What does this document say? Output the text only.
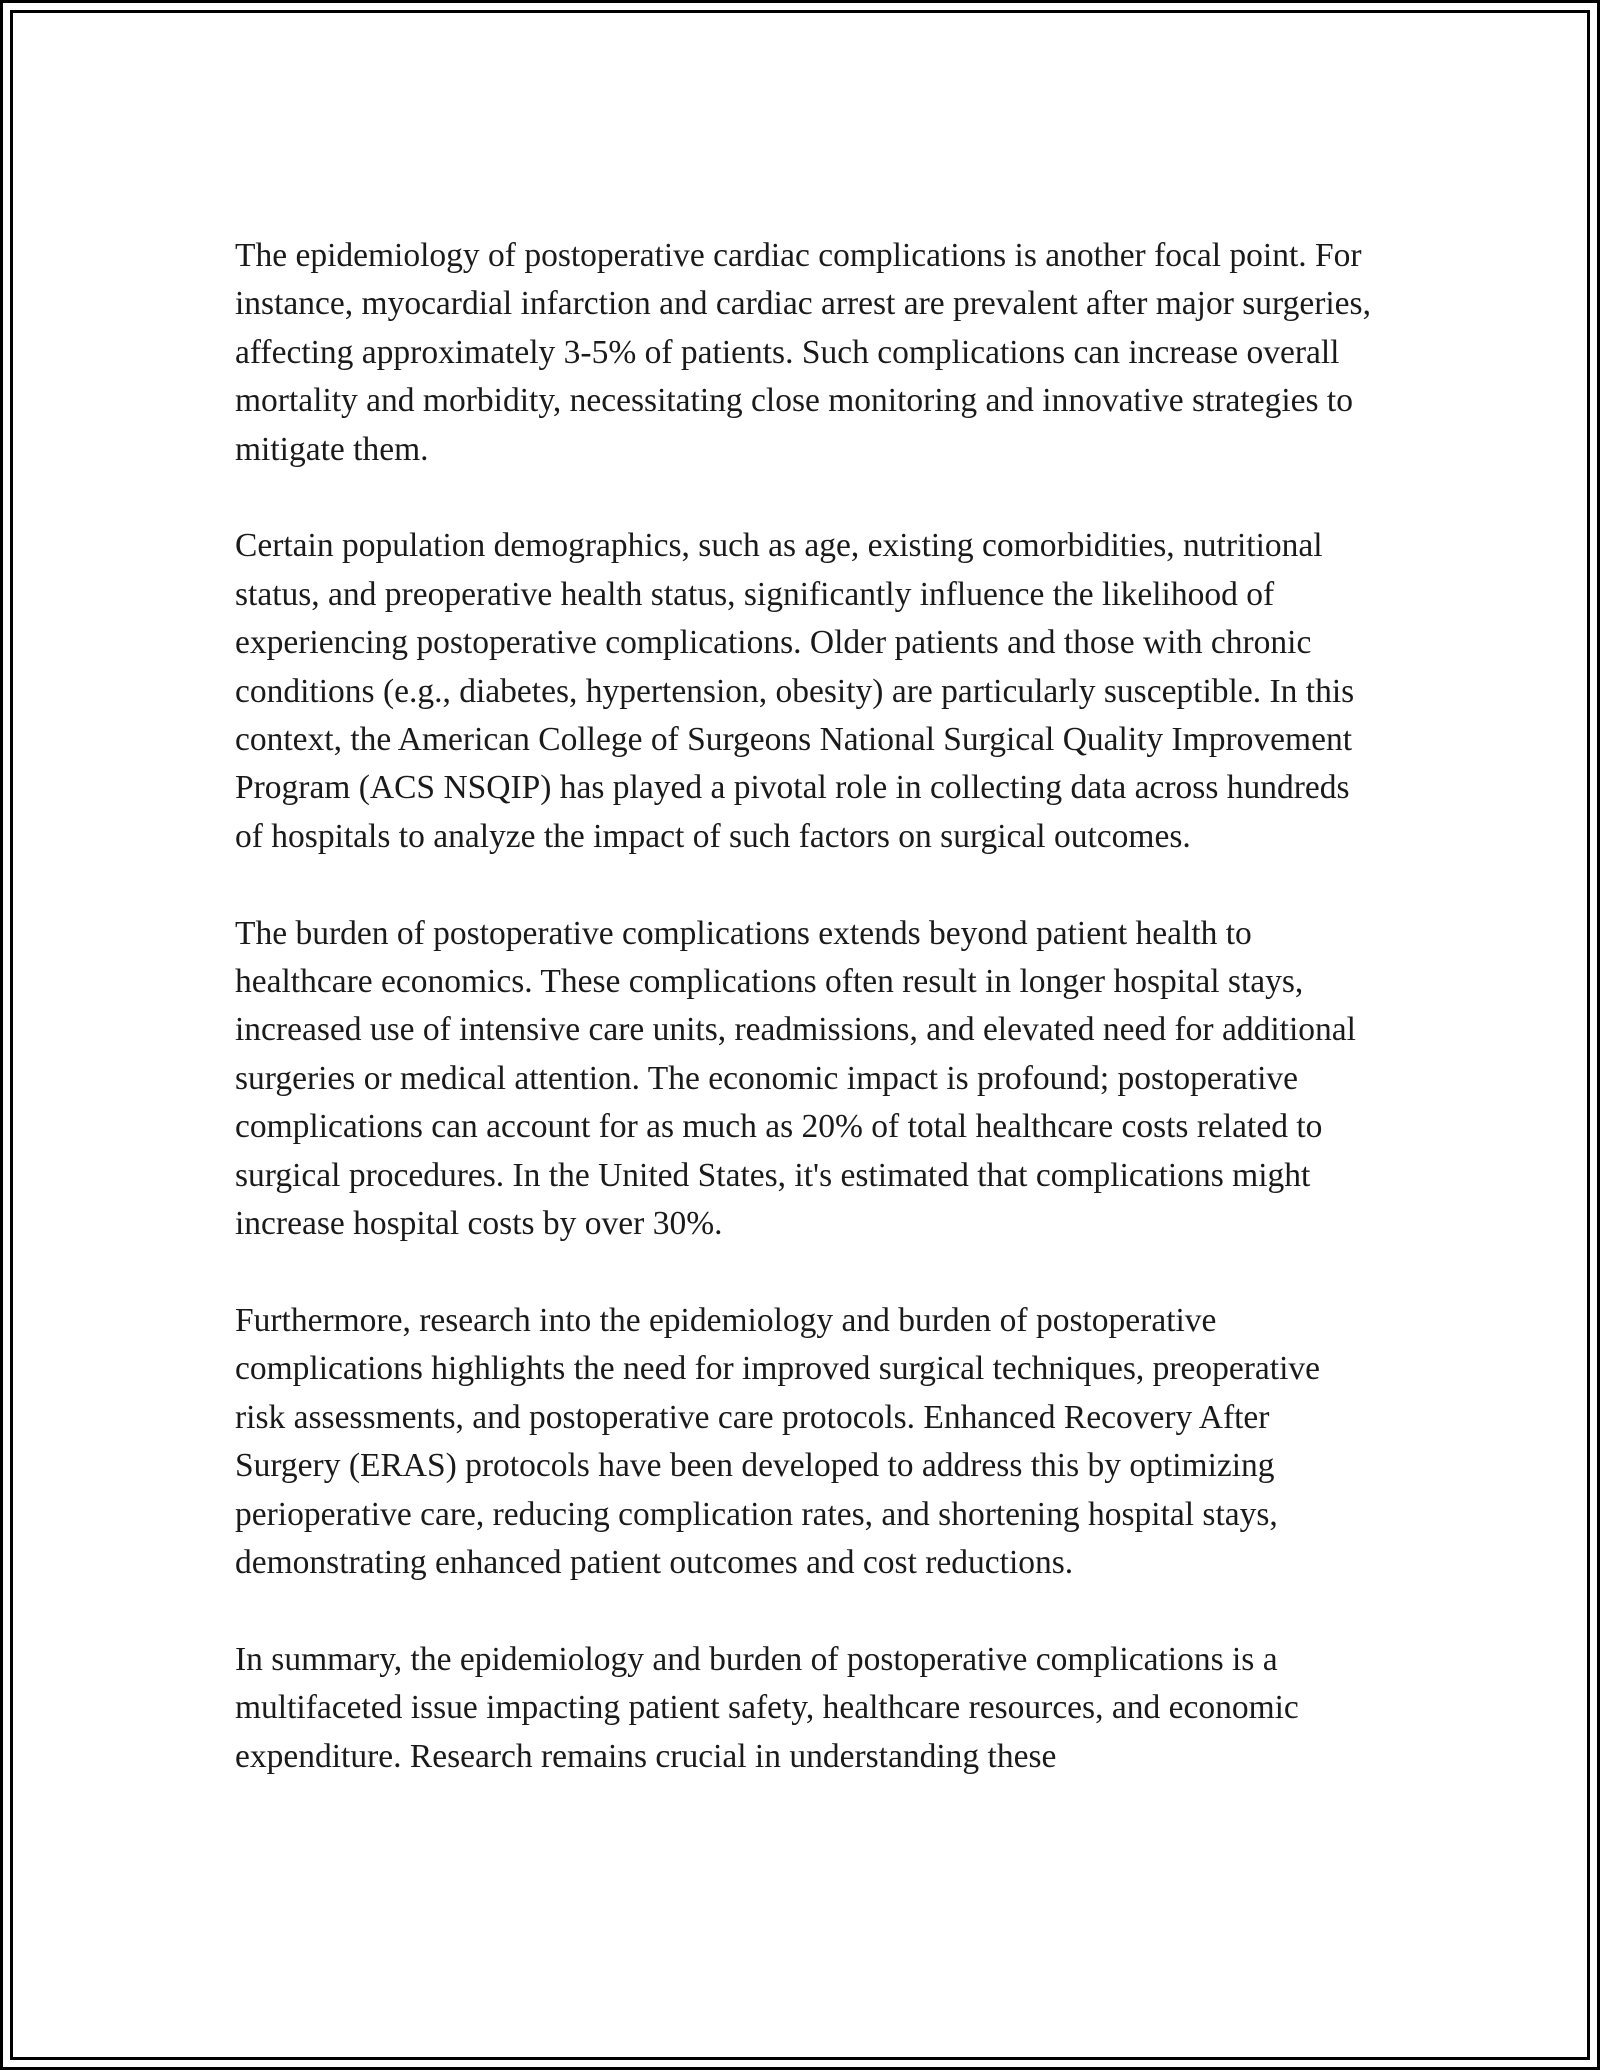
The epidemiology of postoperative cardiac complications is another focal point. For instance, myocardial infarction and cardiac arrest are prevalent after major surgeries, affecting approximately 3-5% of patients. Such complications can increase overall mortality and morbidity, necessitating close monitoring and innovative strategies to mitigate them.

Certain population demographics, such as age, existing comorbidities, nutritional status, and preoperative health status, significantly influence the likelihood of experiencing postoperative complications. Older patients and those with chronic conditions (e.g., diabetes, hypertension, obesity) are particularly susceptible. In this context, the American College of Surgeons National Surgical Quality Improvement Program (ACS NSQIP) has played a pivotal role in collecting data across hundreds of hospitals to analyze the impact of such factors on surgical outcomes.

The burden of postoperative complications extends beyond patient health to healthcare economics. These complications often result in longer hospital stays, increased use of intensive care units, readmissions, and elevated need for additional surgeries or medical attention. The economic impact is profound; postoperative complications can account for as much as 20% of total healthcare costs related to surgical procedures. In the United States, it's estimated that complications might increase hospital costs by over 30%.

Furthermore, research into the epidemiology and burden of postoperative complications highlights the need for improved surgical techniques, preoperative risk assessments, and postoperative care protocols. Enhanced Recovery After Surgery (ERAS) protocols have been developed to address this by optimizing perioperative care, reducing complication rates, and shortening hospital stays, demonstrating enhanced patient outcomes and cost reductions.

In summary, the epidemiology and burden of postoperative complications is a multifaceted issue impacting patient safety, healthcare resources, and economic expenditure. Research remains crucial in understanding these
